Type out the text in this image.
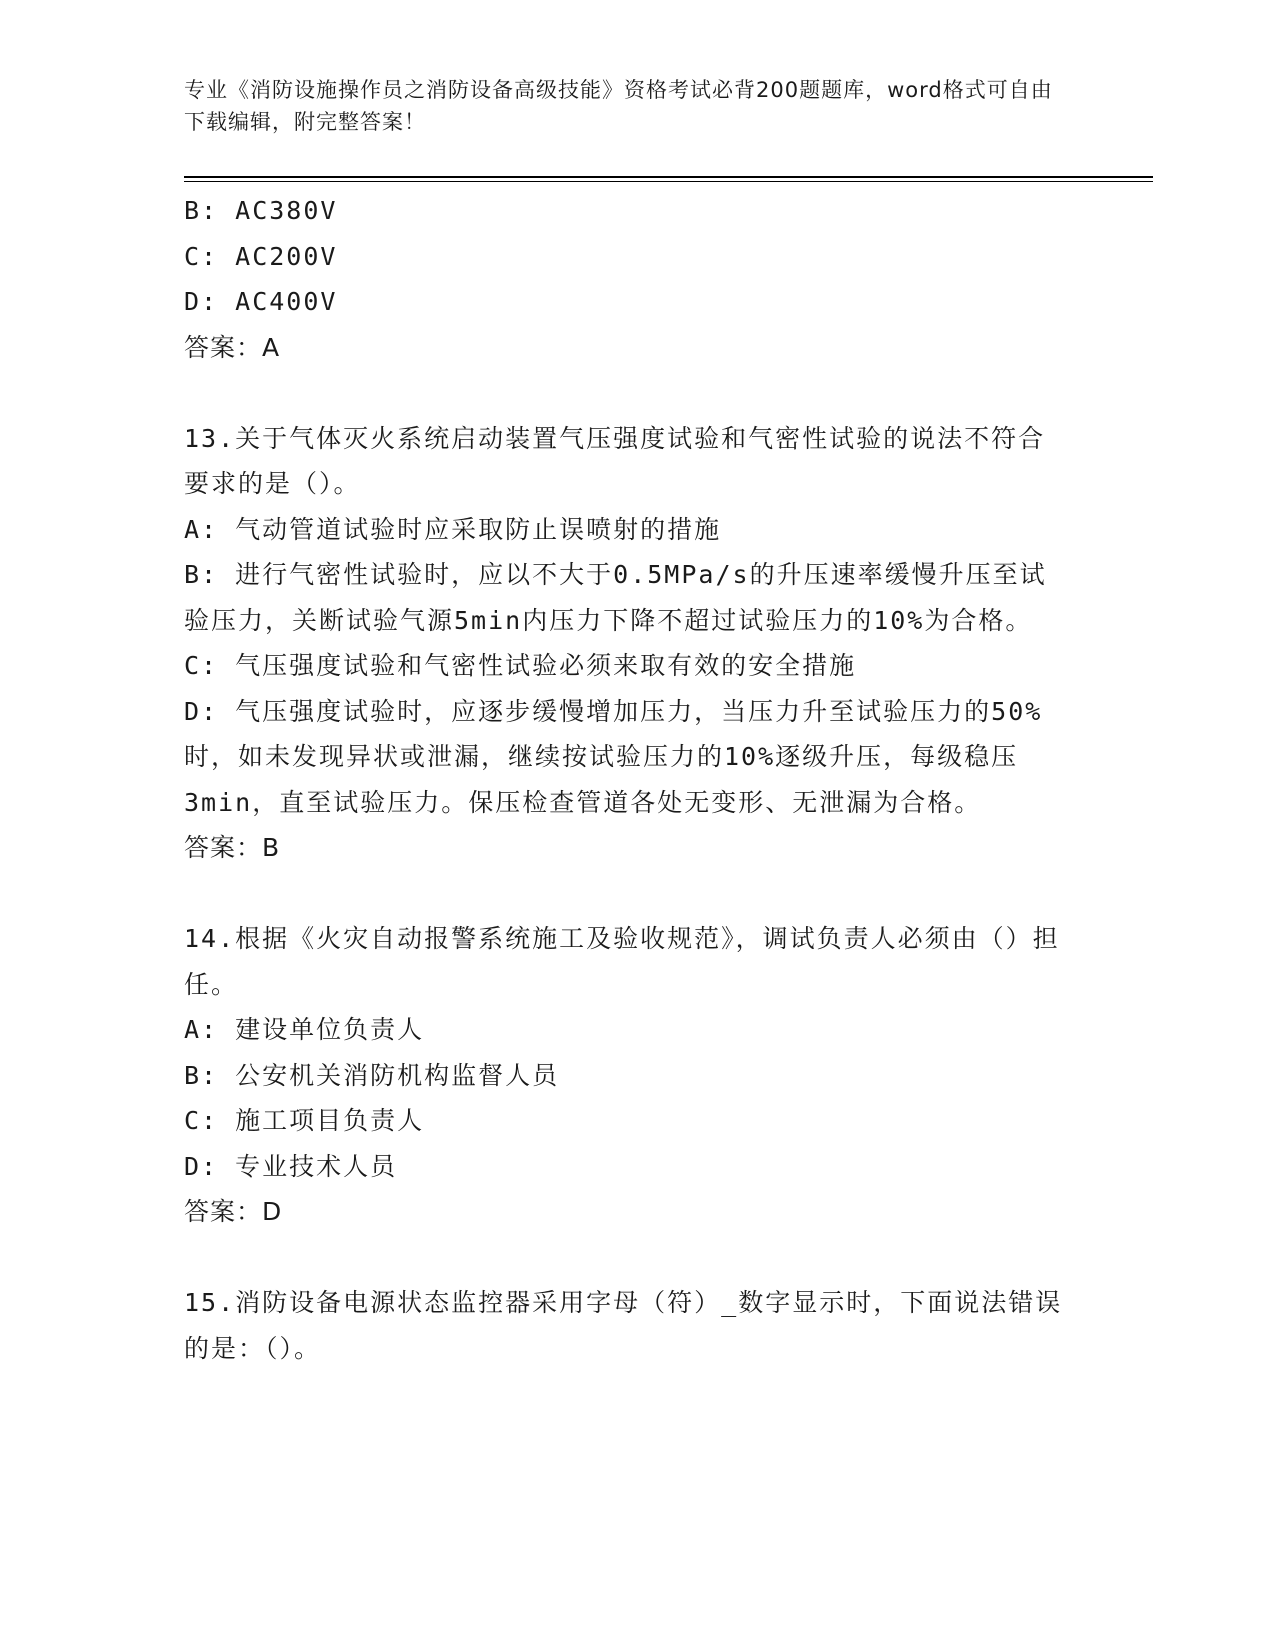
专业《消防设施操作员之消防设备高级技能》资格考试必背200题题库，word格式可自由下载编辑，附完整答案！

B: AC380V

C: AC200V

D: AC400V

答案：A

13.关于气体灭火系统启动装置气压强度试验和气密性试验的说法不符合要求的是（）。

A: 气动管道试验时应采取防止误喷射的措施

B: 进行气密性试验时，应以不大于0.5MPa/s的升压速率缓慢升压至试验压力，关断试验气源5min内压力下降不超过试验压力的10%为合格。

C: 气压强度试验和气密性试验必须来取有效的安全措施

D: 气压强度试验时，应逐步缓慢增加压力，当压力升至试验压力的50%时，如未发现异状或泄漏，继续按试验压力的10%逐级升压，每级稳压3min，直至试验压力。保压检查管道各处无变形、无泄漏为合格。

答案：B

14.根据《火灾自动报警系统施工及验收规范》，调试负责人必须由（）担任。

A: 建设单位负责人

B: 公安机关消防机构监督人员

C: 施工项目负责人

D: 专业技术人员

答案：D

15.消防设备电源状态监控器采用字母（符）_数字显示时，下面说法错误的是：（）。
